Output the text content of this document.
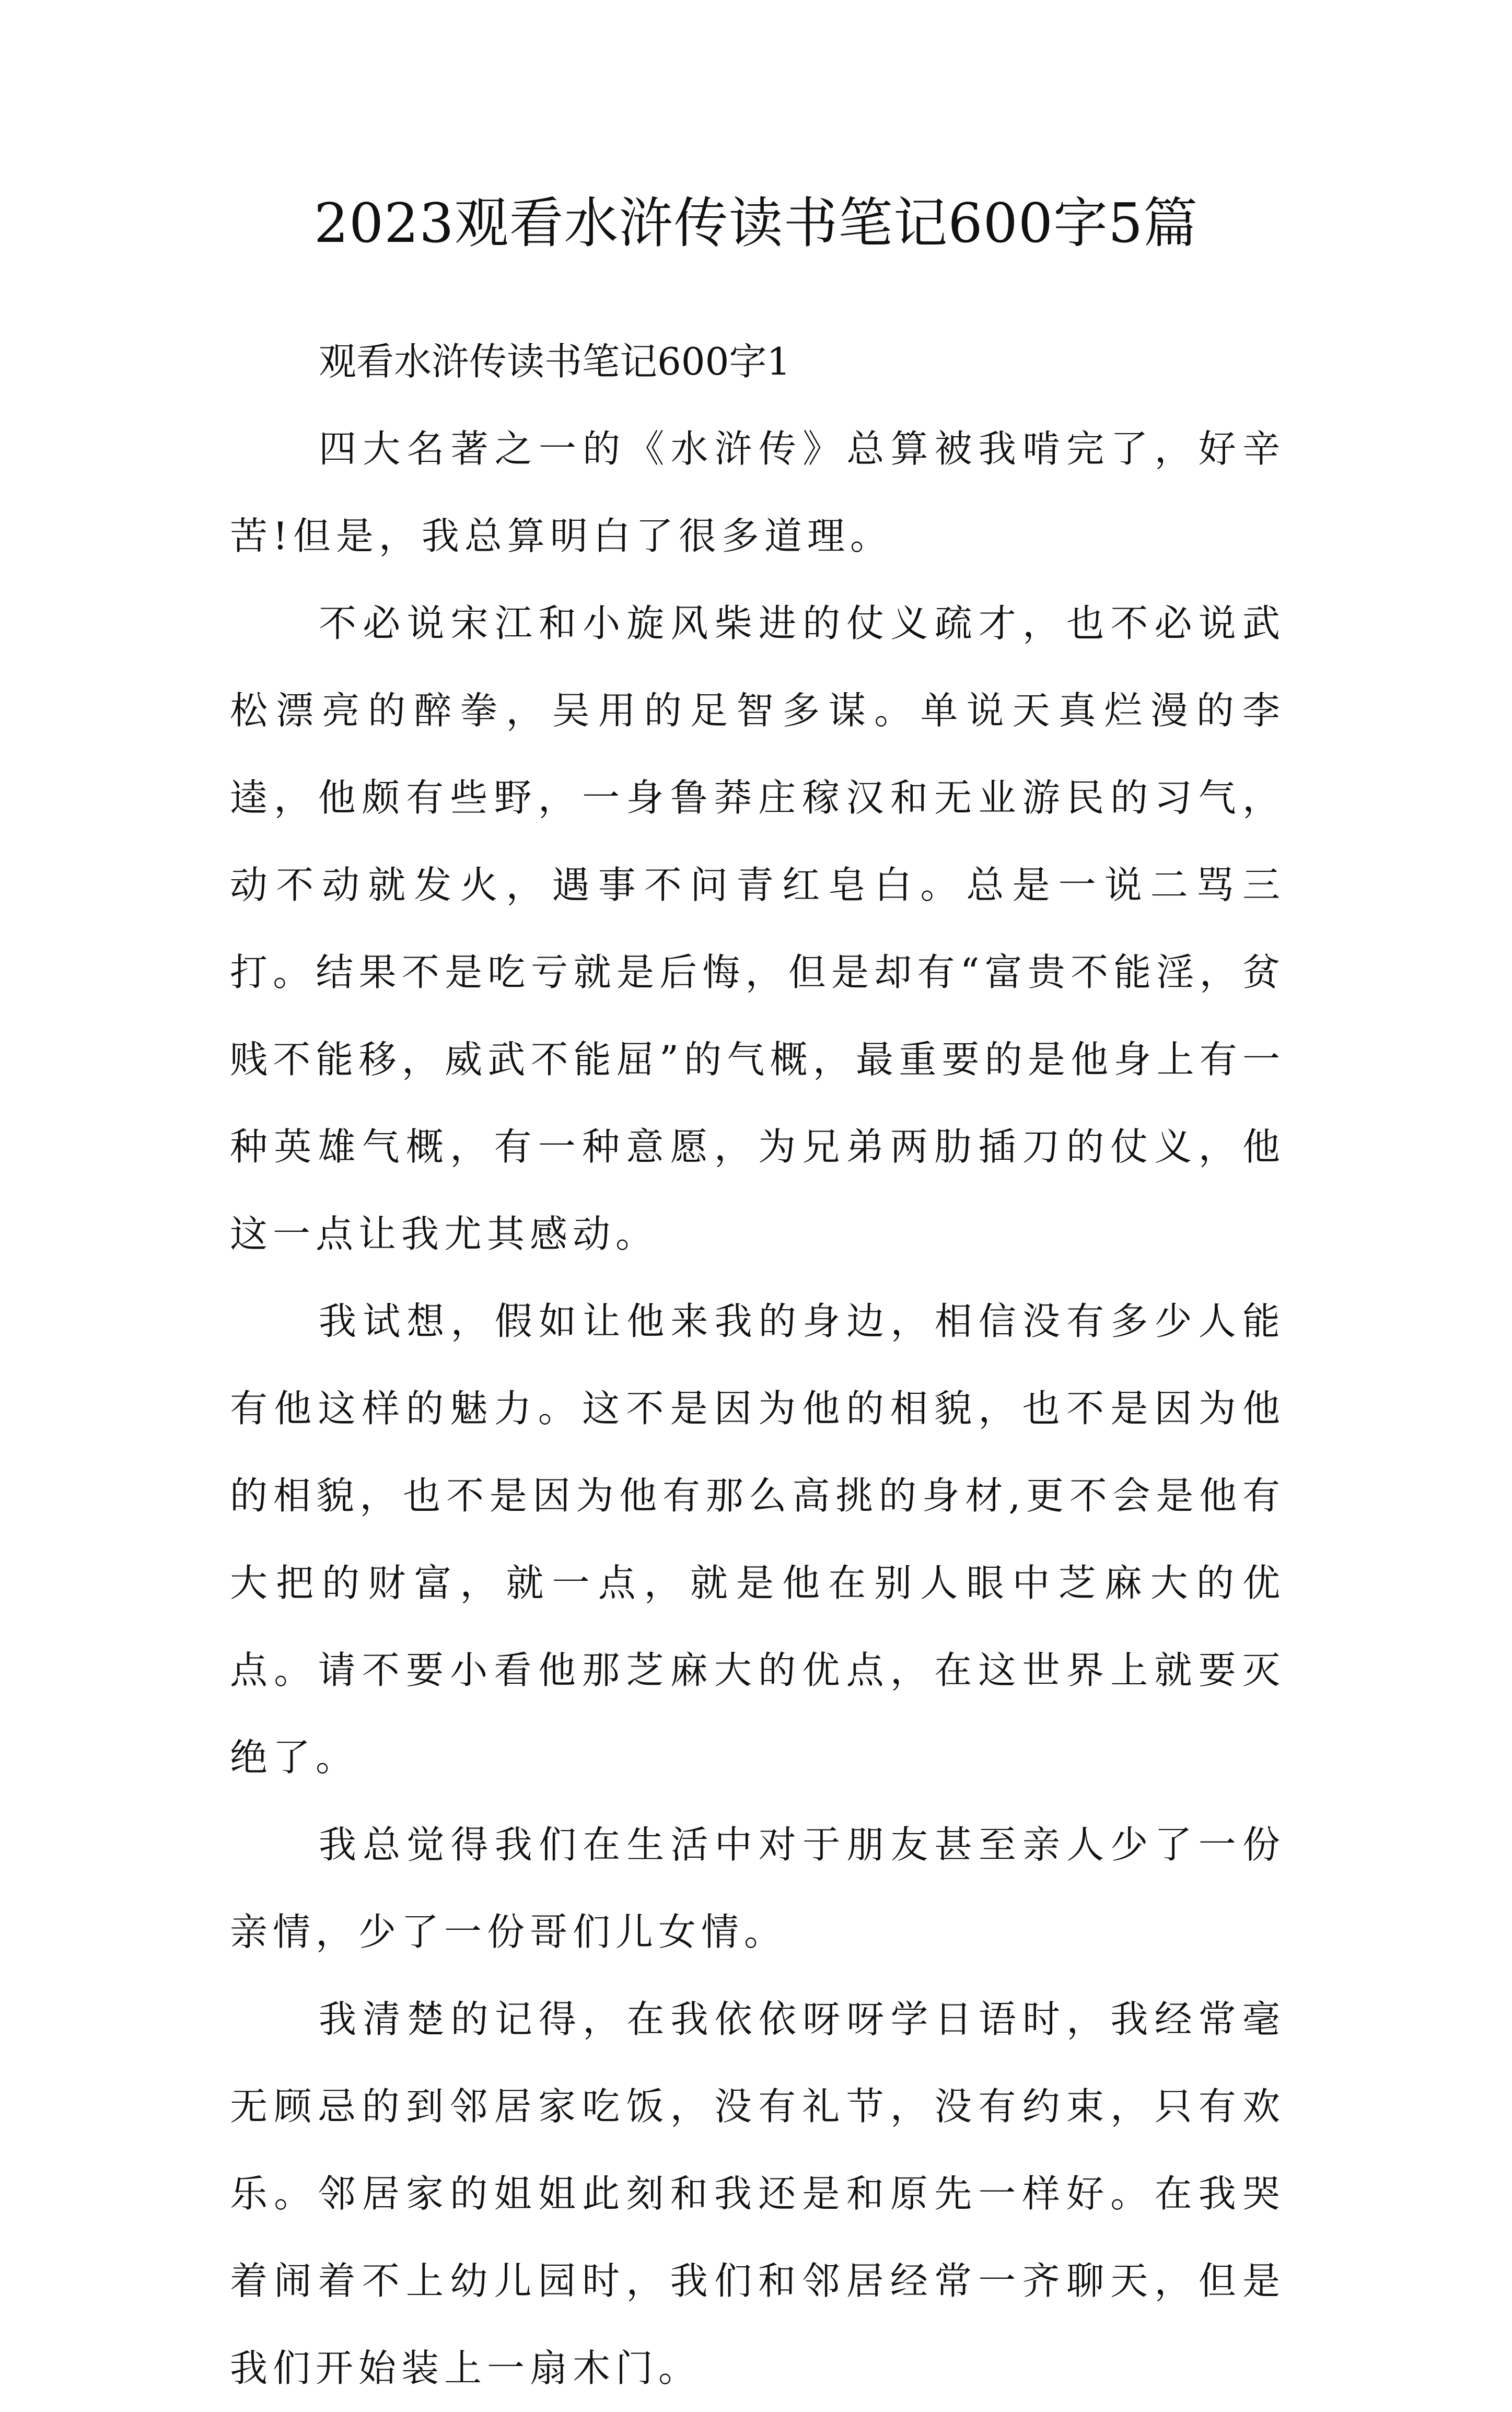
2023观看水浒传读书笔记600字5篇

观看水浒传读书笔记600字1

四大名著之一的《水浒传》总算被我啃完了，好辛苦!但是，我总算明白了很多道理。

不必说宋江和小旋风柴进的仗义疏才，也不必说武松漂亮的醉拳，吴用的足智多谋。单说天真烂漫的李逵，他颇有些野，一身鲁莽庄稼汉和无业游民的习气，动不动就发火，遇事不问青红皂白。总是一说二骂三打。结果不是吃亏就是后悔，但是却有“富贵不能淫，贫贱不能移，威武不能屈”的气概，最重要的是他身上有一种英雄气概，有一种意愿，为兄弟两肋插刀的仗义，他这一点让我尤其感动。

我试想，假如让他来我的身边，相信没有多少人能有他这样的魅力。这不是因为他的相貌，也不是因为他的相貌，也不是因为他有那么高挑的身材,更不会是他有大把的财富，就一点，就是他在别人眼中芝麻大的优点。请不要小看他那芝麻大的优点，在这世界上就要灭绝了。

我总觉得我们在生活中对于朋友甚至亲人少了一份亲情，少了一份哥们儿女情。

我清楚的记得，在我依依呀呀学日语时，我经常毫无顾忌的到邻居家吃饭，没有礼节，没有约束，只有欢乐。邻居家的姐姐此刻和我还是和原先一样好。在我哭着闹着不上幼儿园时，我们和邻居经常一齐聊天，但是我们开始装上一扇木门。
